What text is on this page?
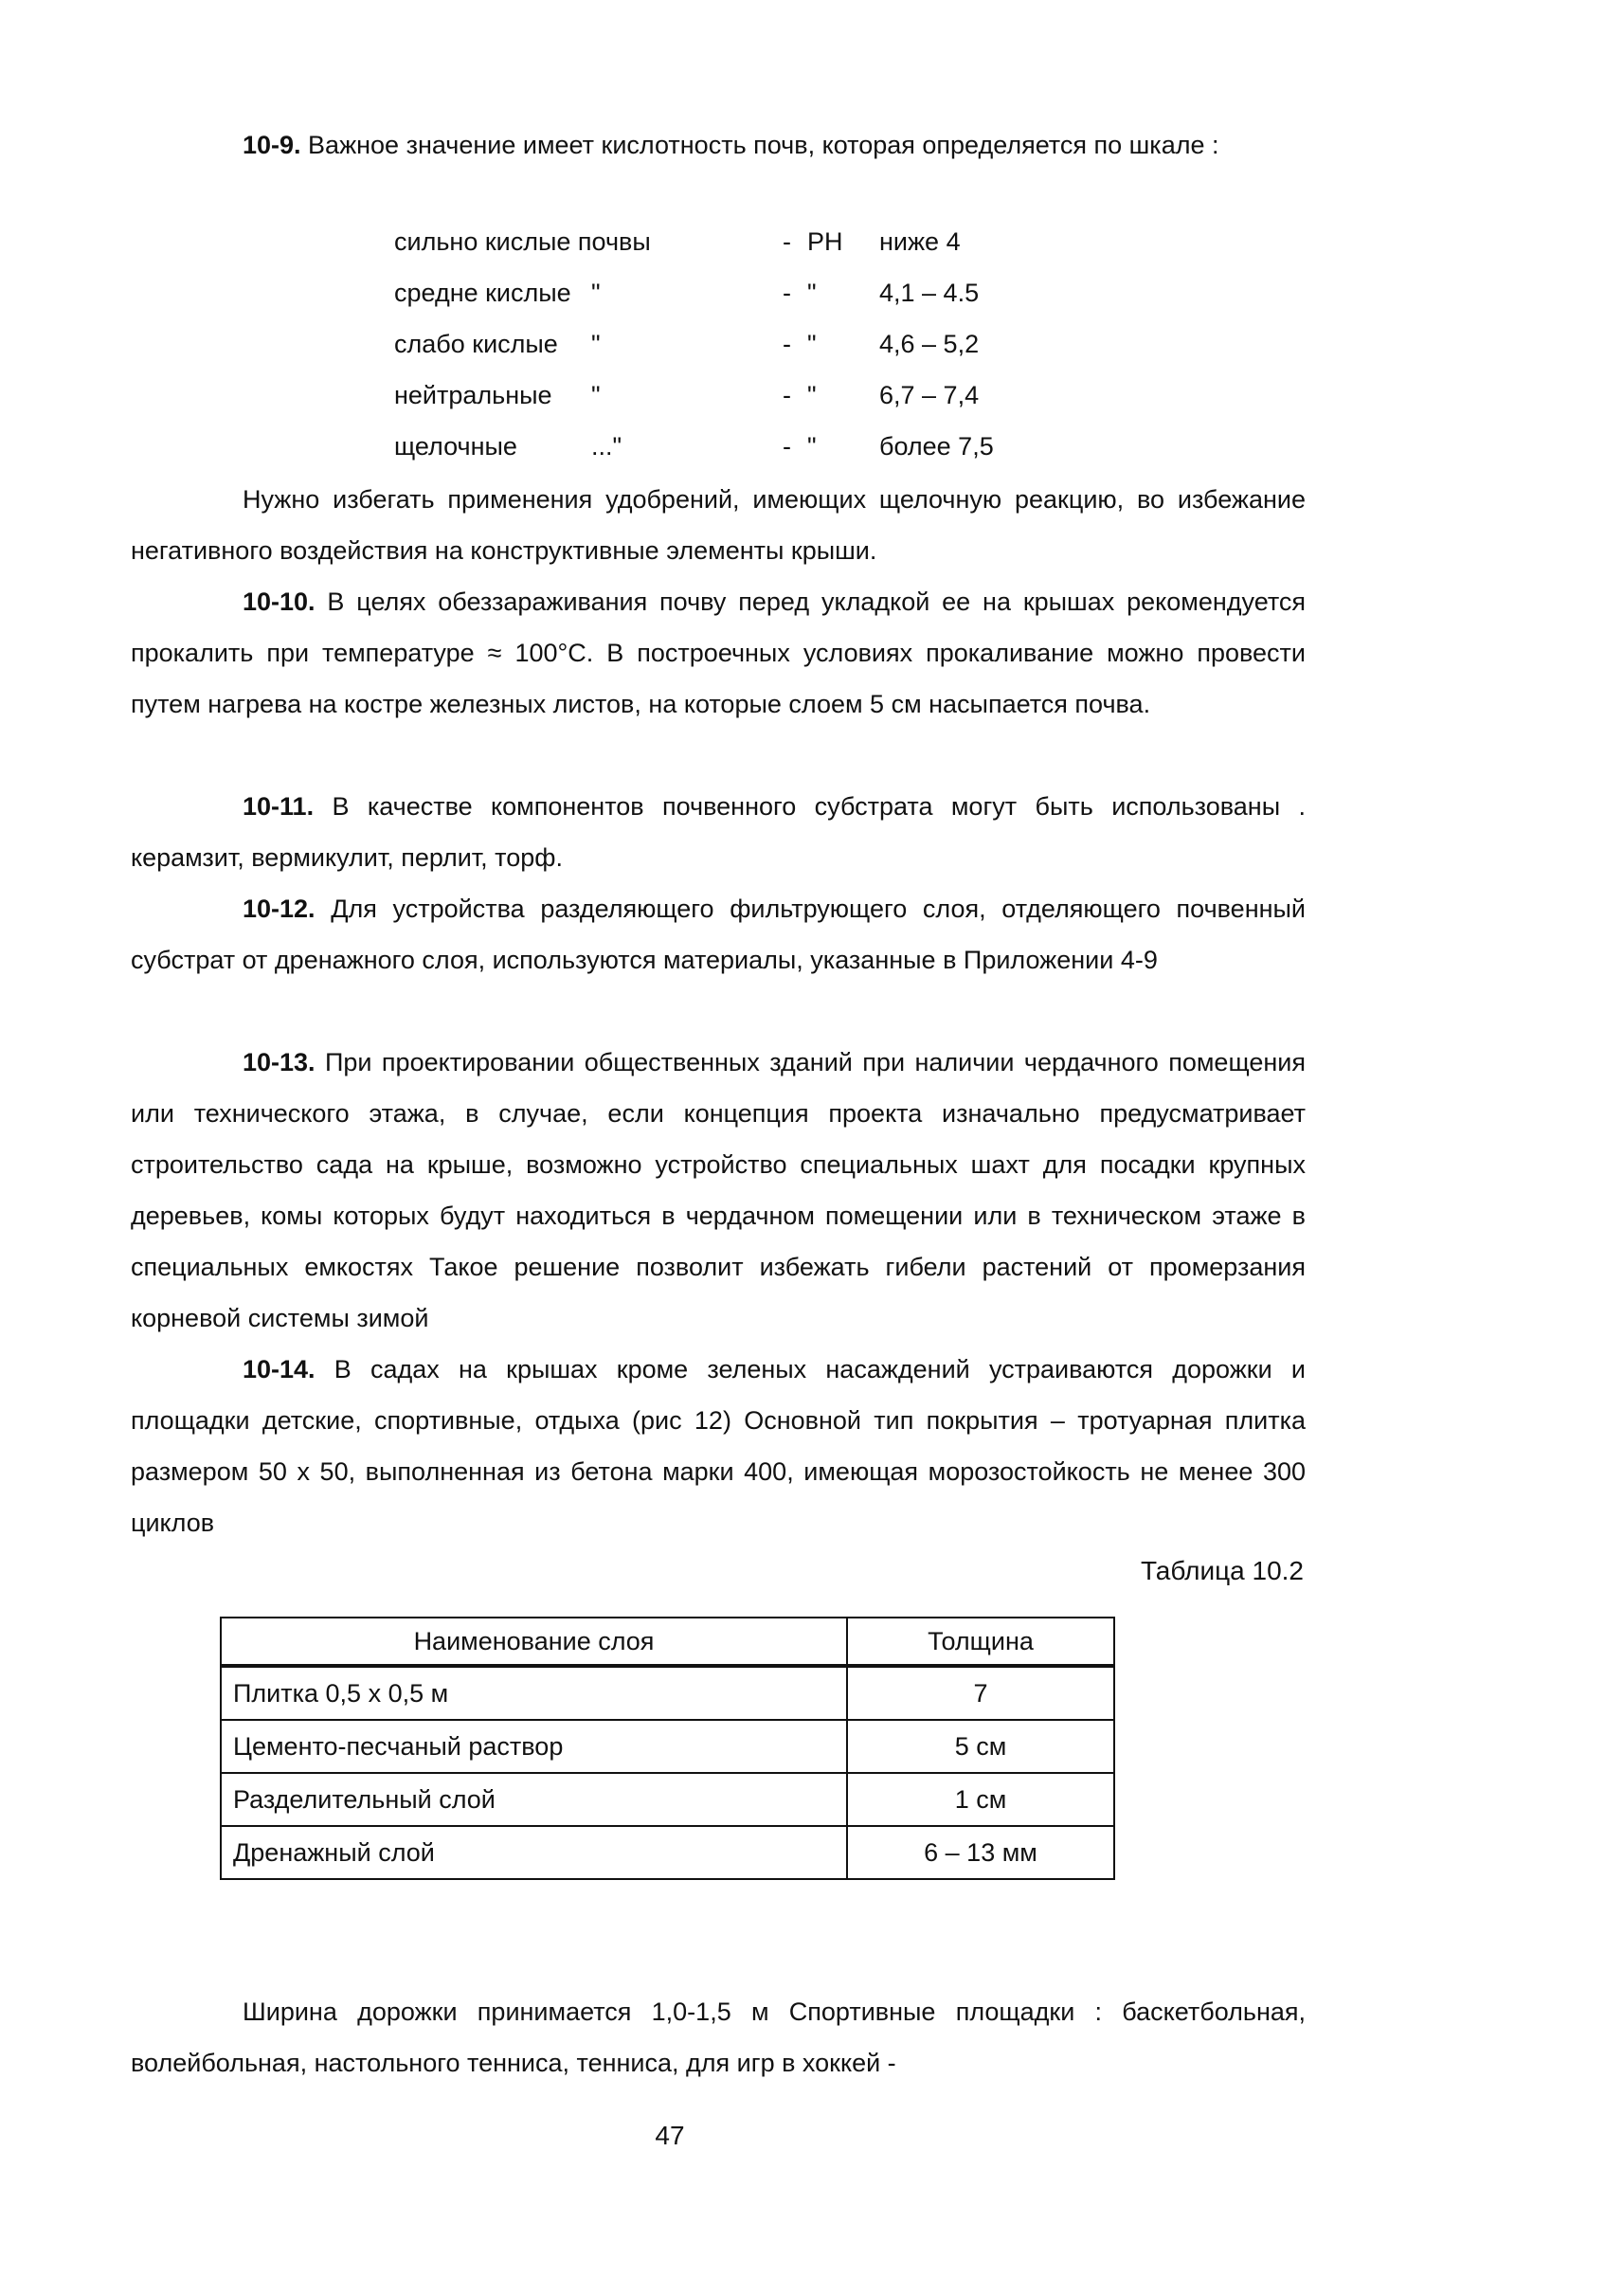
10-9. Важное значение имеет кислотность почв, которая определяется по шкале :

сильно кислые почвы	- PH ниже 4
средне кислые "	- " 4,1 – 4.5
слабо кислые "	- " 4,6 – 5,2
нейтральные "	- " 6,7 – 7,4
щелочные	..."	- " более 7,5

Нужно избегать применения удобрений, имеющих щелочную реакцию, во избежание негативного воздействия на конструктивные элементы крыши.

10-10. В целях обеззараживания почву перед укладкой ее на крышах рекомендуется прокалить при температуре ≈ 100°С. В построечных условиях прокаливание можно провести путем нагрева на костре железных листов, на которые слоем 5 см насыпается почва.

10-11. В качестве компонентов почвенного субстрата могут быть использованы . керамзит, вермикулит, перлит, торф.

10-12. Для устройства разделяющего фильтрующего слоя, отделяющего почвенный субстрат от дренажного слоя, используются материалы, указанные в Приложении 4-9

10-13. При проектировании общественных зданий при наличии чердачного помещения или технического этажа, в случае, если концепция проекта изначально предусматривает строительство сада на крыше, возможно устройство специальных шахт для посадки крупных деревьев, комы которых будут находиться в чердачном помещении или в техническом этаже в специальных емкостях Такое решение позволит избежать гибели растений от промерзания корневой системы зимой

10-14. В садах на крышах кроме зеленых насаждений устраиваются дорожки и площадки детские, спортивные, отдыха (рис 12) Основной тип покрытия – тротуарная плитка размером 50 х 50, выполненная из бетона марки 400, имеющая морозостойкость не менее 300 циклов

Таблица 10.2
Наименование слоя	Толщина
Плитка 0,5 х 0,5 м	7
Цементо-песчаный раствор	5 см
Разделительный слой	1 см
Дренажный слой	6 – 13 мм

Ширина дорожки принимается 1,0-1,5 м Спортивные площадки : баскетбольная, волейбольная, настольного тенниса, тенниса, для игр в хоккей -

47
